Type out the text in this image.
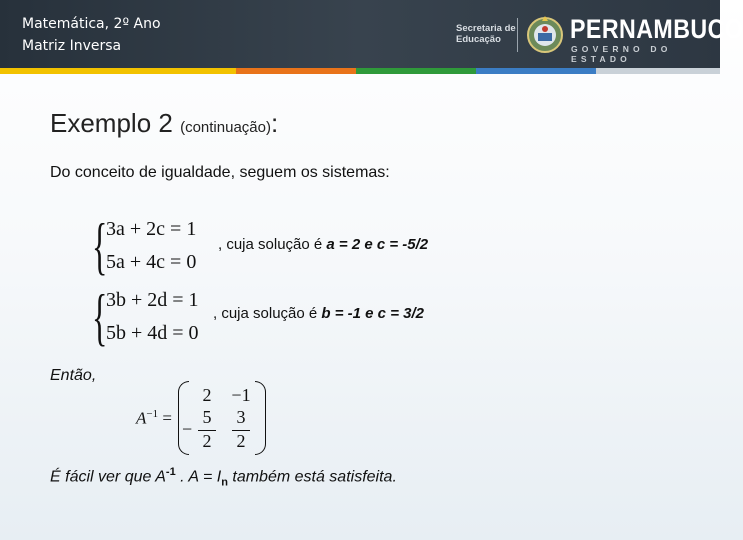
Matemática, 2º Ano
Matriz Inversa
Secretaria de
Educação	PERNAMBUCO
GOVERNO DO ESTADO
Exemplo 2 (continuação):
Do conceito de igualdade, seguem os sistemas:
{
3a + 2c = 1
5a + 4c = 0
, cuja solução é a = 2 e c = -5/2
{
3b + 2d = 1
5b + 4d = 0
, cuja solução é b = -1 e c = 3/2
Então,
$A^{-1}$ =
2	−1
−
5
2
3
2
É fácil ver que $A^{-1}$ . $A = I_n$ também está satisfeita.
